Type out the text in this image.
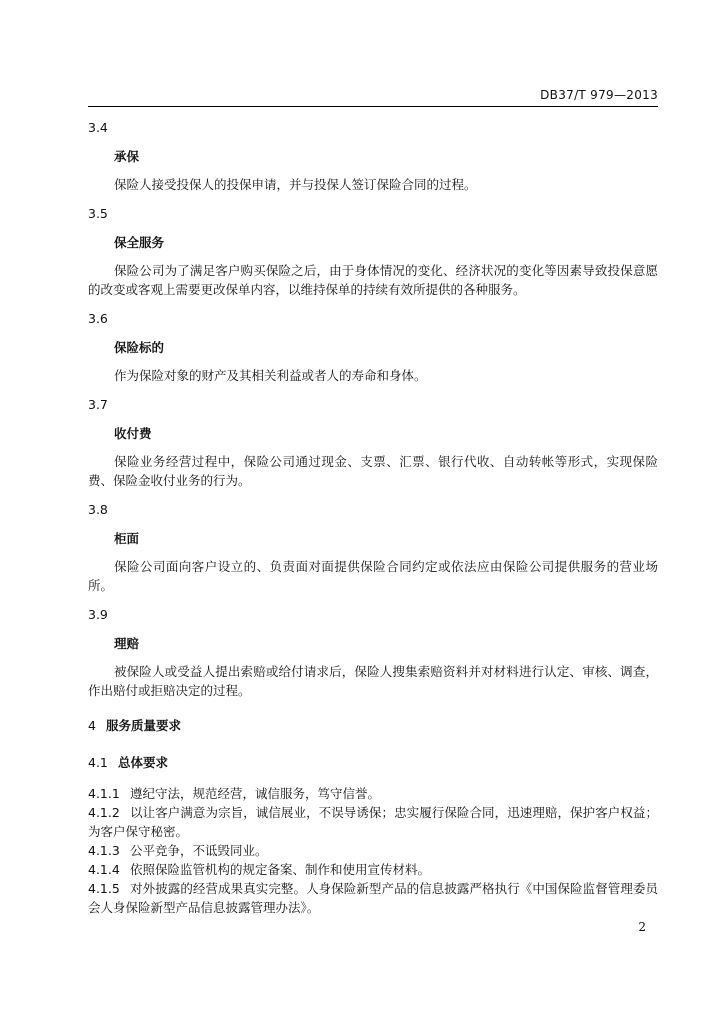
DB37/T 979—2013
3.4
承保
保险人接受投保人的投保申请，并与投保人签订保险合同的过程。
3.5
保全服务
保险公司为了满足客户购买保险之后，由于身体情况的变化、经济状况的变化等因素导致投保意愿的改变或客观上需要更改保单内容，以维持保单的持续有效所提供的各种服务。
3.6
保险标的
作为保险对象的财产及其相关利益或者人的寿命和身体。
3.7
收付费
保险业务经营过程中，保险公司通过现金、支票、汇票、银行代收、自动转帐等形式，实现保险费、保险金收付业务的行为。
3.8
柜面
保险公司面向客户设立的、负责面对面提供保险合同约定或依法应由保险公司提供服务的营业场所。
3.9
理赔
被保险人或受益人提出索赔或给付请求后，保险人搜集索赔资料并对材料进行认定、审核、调查，作出赔付或拒赔决定的过程。
4 服务质量要求
4.1 总体要求
4.1.1 遵纪守法，规范经营，诚信服务，笃守信誉。
4.1.2 以让客户满意为宗旨，诚信展业，不误导诱保；忠实履行保险合同，迅速理赔，保护客户权益；为客户保守秘密。
4.1.3 公平竞争，不诋毁同业。
4.1.4 依照保险监管机构的规定备案、制作和使用宣传材料。
4.1.5 对外披露的经营成果真实完整。人身保险新型产品的信息披露严格执行《中国保险监督管理委员会人身保险新型产品信息披露管理办法》。
2
